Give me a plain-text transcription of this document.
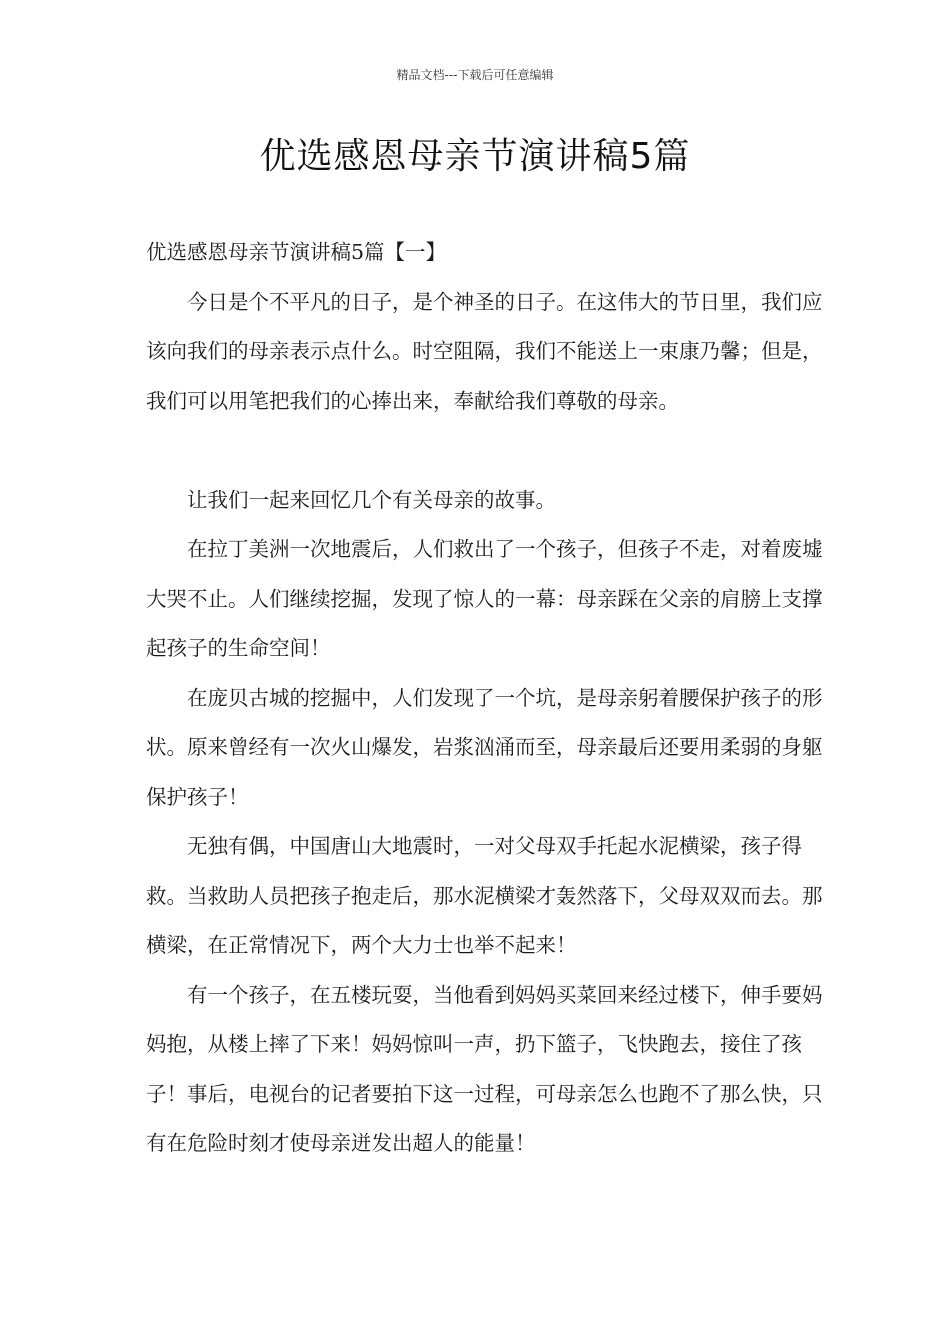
精品文档---下载后可任意编辑
优选感恩母亲节演讲稿5篇
优选感恩母亲节演讲稿5篇【一】

今日是个不平凡的日子，是个神圣的日子。在这伟大的节日里，我们应该向我们的母亲表示点什么。时空阻隔，我们不能送上一束康乃馨；但是，我们可以用笔把我们的心捧出来，奉献给我们尊敬的母亲。

让我们一起来回忆几个有关母亲的故事。

在拉丁美洲一次地震后，人们救出了一个孩子，但孩子不走，对着废墟大哭不止。人们继续挖掘，发现了惊人的一幕：母亲踩在父亲的肩膀上支撑起孩子的生命空间！

在庞贝古城的挖掘中，人们发现了一个坑，是母亲躬着腰保护孩子的形状。原来曾经有一次火山爆发，岩浆汹涌而至，母亲最后还要用柔弱的身躯保护孩子！

无独有偶，中国唐山大地震时，一对父母双手托起水泥横梁，孩子得救。当救助人员把孩子抱走后，那水泥横梁才轰然落下，父母双双而去。那横梁，在正常情况下，两个大力士也举不起来！

有一个孩子，在五楼玩耍，当他看到妈妈买菜回来经过楼下，伸手要妈妈抱，从楼上摔了下来！妈妈惊叫一声，扔下篮子，飞快跑去，接住了孩子！事后，电视台的记者要拍下这一过程，可母亲怎么也跑不了那么快，只有在危险时刻才使母亲迸发出超人的能量！
